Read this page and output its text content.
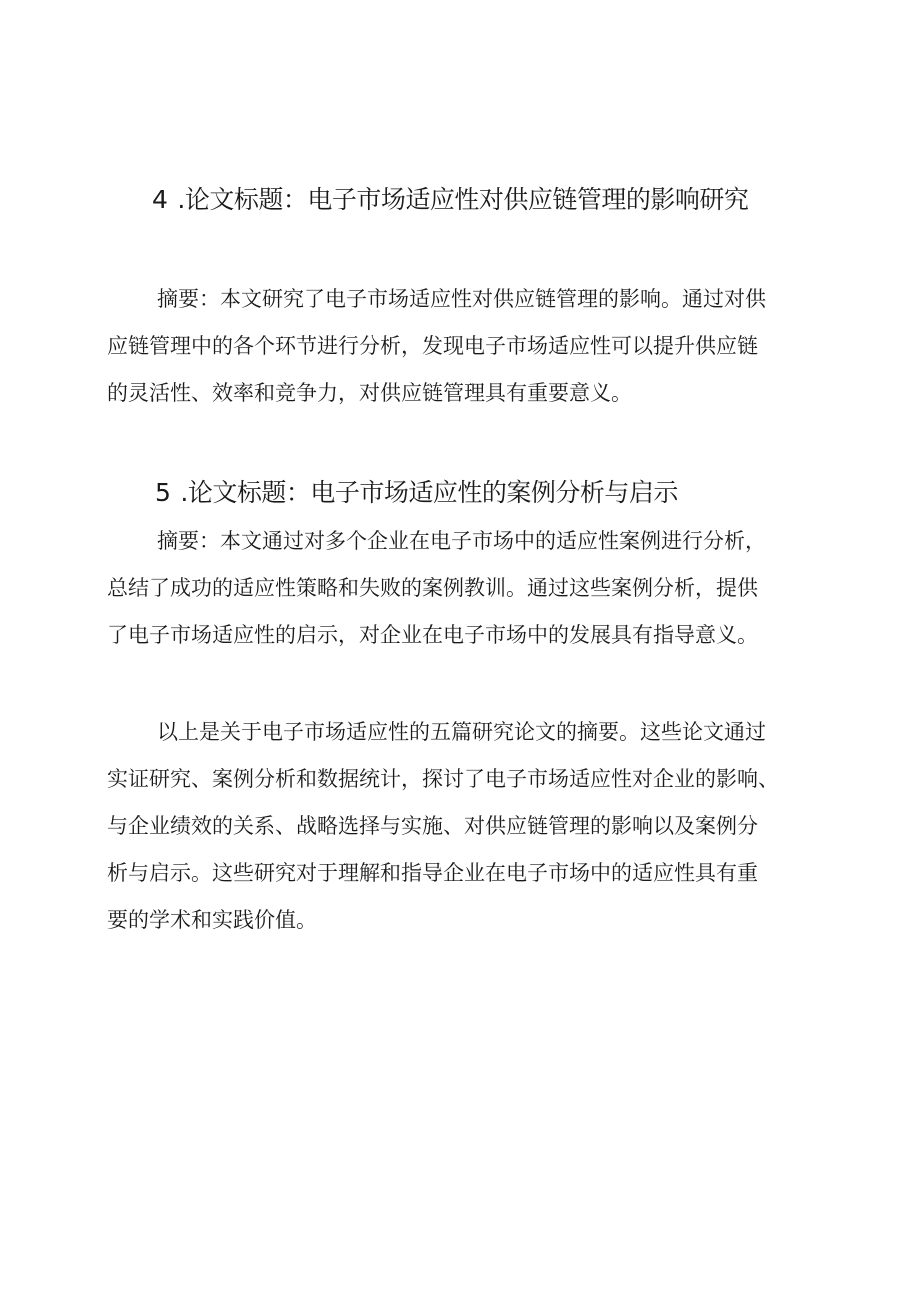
4 .论文标题：电子市场适应性对供应链管理的影响研究

摘要：本文研究了电子市场适应性对供应链管理的影响。通过对供

应链管理中的各个环节进行分析，发现电子市场适应性可以提升供应链

的灵活性、效率和竞争力，对供应链管理具有重要意义。

5 .论文标题：电子市场适应性的案例分析与启示

摘要：本文通过对多个企业在电子市场中的适应性案例进行分析，

总结了成功的适应性策略和失败的案例教训。通过这些案例分析，提供

了电子市场适应性的启示，对企业在电子市场中的发展具有指导意义。

以上是关于电子市场适应性的五篇研究论文的摘要。这些论文通过

实证研究、案例分析和数据统计，探讨了电子市场适应性对企业的影响、

与企业绩效的关系、战略选择与实施、对供应链管理的影响以及案例分

析与启示。这些研究对于理解和指导企业在电子市场中的适应性具有重

要的学术和实践价值。
